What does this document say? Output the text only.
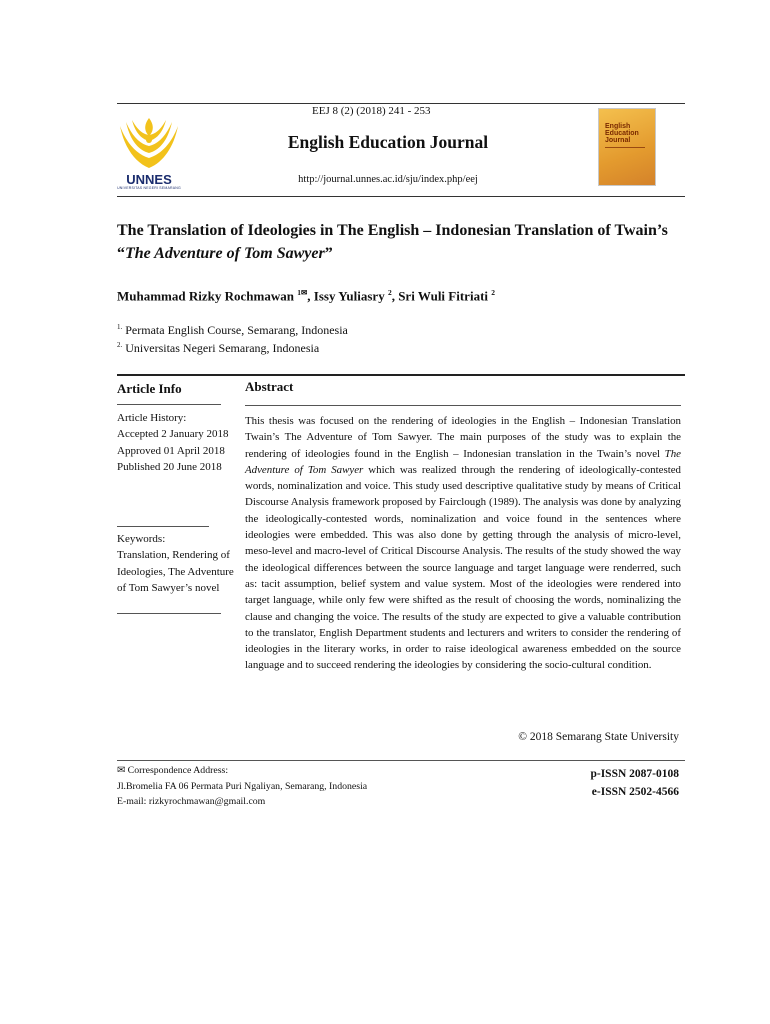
UNNES
UNIVERSITAS NEGERI SEMARANG
EEJ 8 (2) (2018) 241 - 253
English Education Journal
http://journal.unnes.ac.id/sju/index.php/eej
English Education Journal
The Translation of Ideologies in The English – Indonesian Translation of Twain’s “The Adventure of Tom Sawyer”
Muhammad Rizky Rochmawan $^{1✉}$, Issy Yuliasry $^2$, Sri Wuli Fitriati $^2$
$^{1.}$ Permata English Course, Semarang, Indonesia
$^{2.}$ Universitas Negeri Semarang, Indonesia
Article Info
Article History:
Accepted 2 January 2018
Approved 01 April 2018
Published 20 June 2018
Keywords:
Translation, Rendering of Ideologies, The Adventure of Tom Sawyer’s novel
Abstract
This thesis was focused on the rendering of ideologies in the English – Indonesian Translation Twain’s The Adventure of Tom Sawyer. The main purposes of the study was to explain the rendering of ideologies found in the English – Indonesian translation in the Twain’s novel The Adventure of Tom Sawyer which was realized through the rendering of ideologically-contested words, nominalization and voice. This study used descriptive qualitative study by means of Critical Discourse Analysis framework proposed by Fairclough (1989). The analysis was done by analyzing the ideologically-contested words, nominalization and voice found in the sentences where ideologies were embedded. This was also done by getting through the analysis of micro-level, meso-level and macro-level of Critical Discourse Analysis. The results of the study showed the way the ideological differences between the source language and target language were renderred, such as: tacit assumption, belief system and value system. Most of the ideologies were rendered into target language, while only few were shifted as the result of choosing the words, nominalizing the clause and changing the voice. The results of the study are expected to give a valuable contribution to the translator, English Department students and lecturers and writers to consider the rendering of ideologies in the literary works, in order to raise ideological awareness embedded on the source language and to succeed rendering the ideologies by considering the socio-cultural condition.
© 2018 Semarang State University
✉ Correspondence Address:
Jl.Bromelia FA 06 Permata Puri Ngaliyan, Semarang, Indonesia
E-mail: rizkyrochmawan@gmail.com
p-ISSN 2087-0108
e-ISSN 2502-4566
